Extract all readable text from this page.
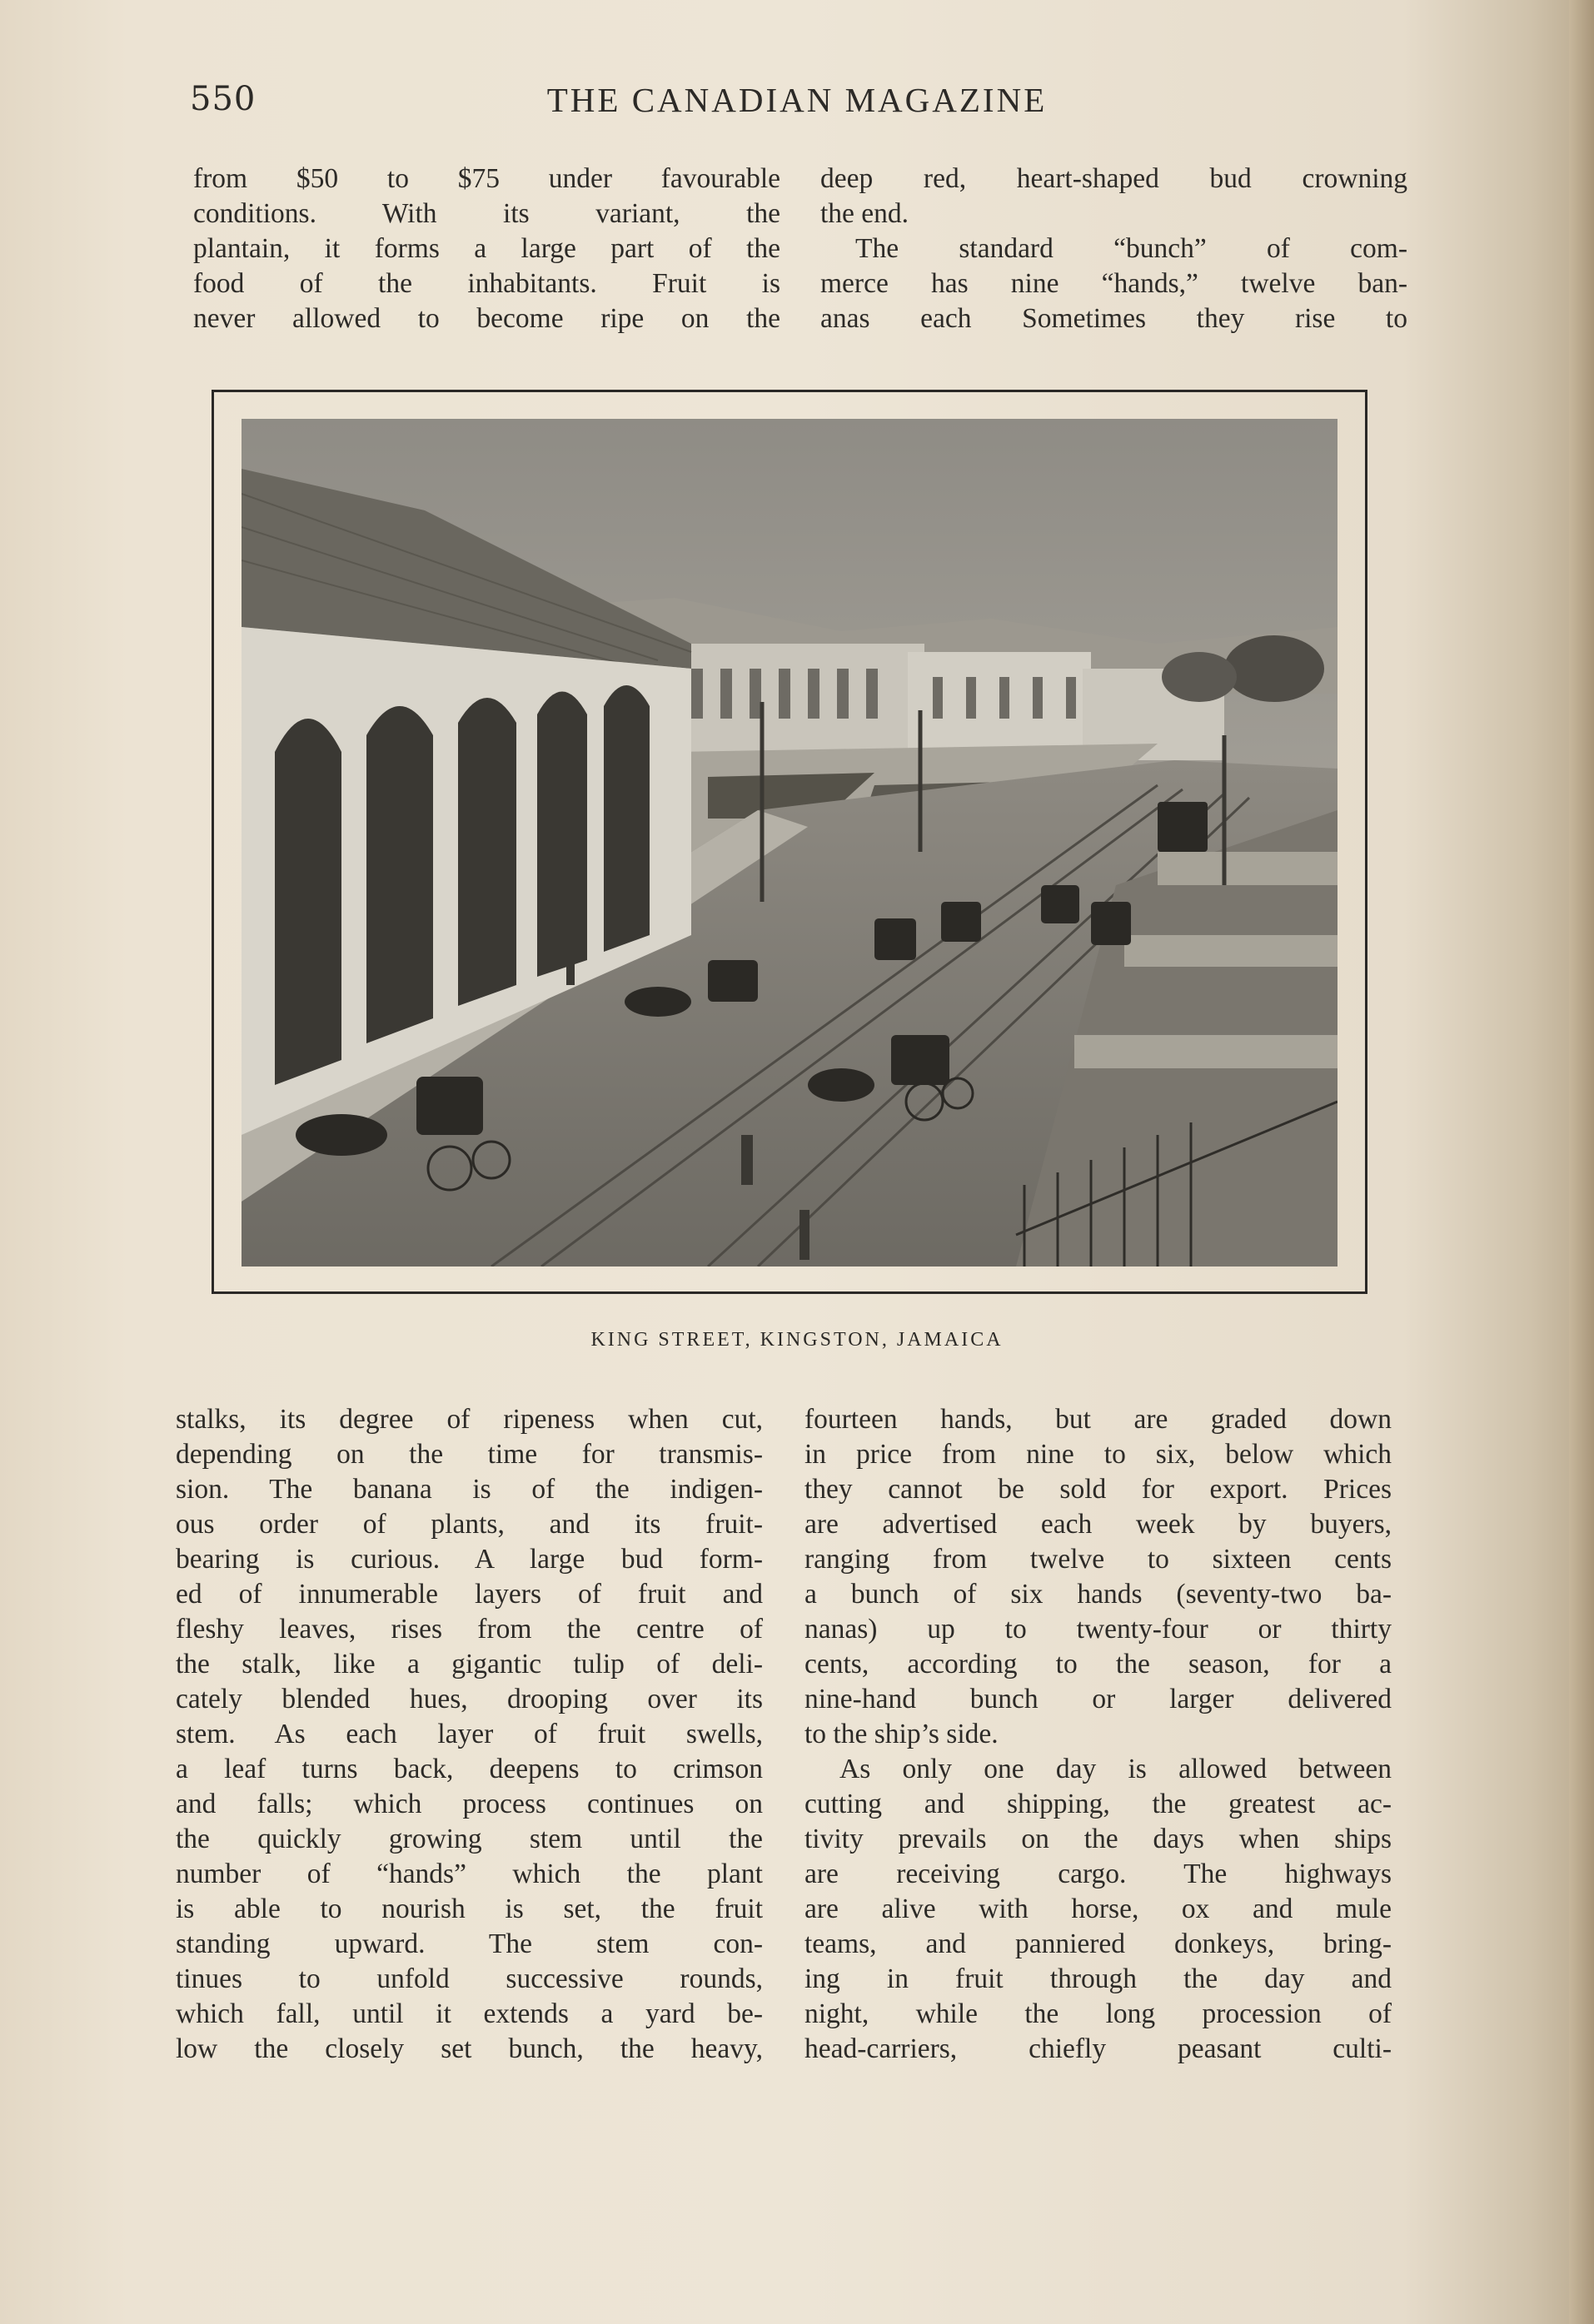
550	THE CANADIAN MAGAZINE

from $50 to $75 under favourable

conditions. With its variant, the

plantain, it forms a large part of the

food of the inhabitants. Fruit is

never allowed to become ripe on the

deep red, heart-shaped bud crowning

the end.

The standard “bunch” of com-

merce has nine “hands,” twelve ban-

anas each Sometimes they rise to

KING STREET, KINGSTON, JAMAICA

stalks, its degree of ripeness when cut,

depending on the time for transmis-

sion. The banana is of the indigen-

ous order of plants, and its fruit-

bearing is curious. A large bud form-

ed of innumerable layers of fruit and

fleshy leaves, rises from the centre of

the stalk, like a gigantic tulip of deli-

cately blended hues, drooping over its

stem. As each layer of fruit swells,

a leaf turns back, deepens to crimson

and falls; which process continues on

the quickly growing stem until the

number of “hands” which the plant

is able to nourish is set, the fruit

standing upward. The stem con-

tinues to unfold successive rounds,

which fall, until it extends a yard be-

low the closely set bunch, the heavy,

fourteen hands, but are graded down

in price from nine to six, below which

they cannot be sold for export. Prices

are advertised each week by buyers,

ranging from twelve to sixteen cents

a bunch of six hands (seventy-two ba-

nanas) up to twenty-four or thirty

cents, according to the season, for a

nine-hand bunch or larger delivered

to the ship’s side.

As only one day is allowed between

cutting and shipping, the greatest ac-

tivity prevails on the days when ships

are receiving cargo. The highways

are alive with horse, ox and mule

teams, and panniered donkeys, bring-

ing in fruit through the day and

night, while the long procession of

head-carriers, chiefly peasant culti-
